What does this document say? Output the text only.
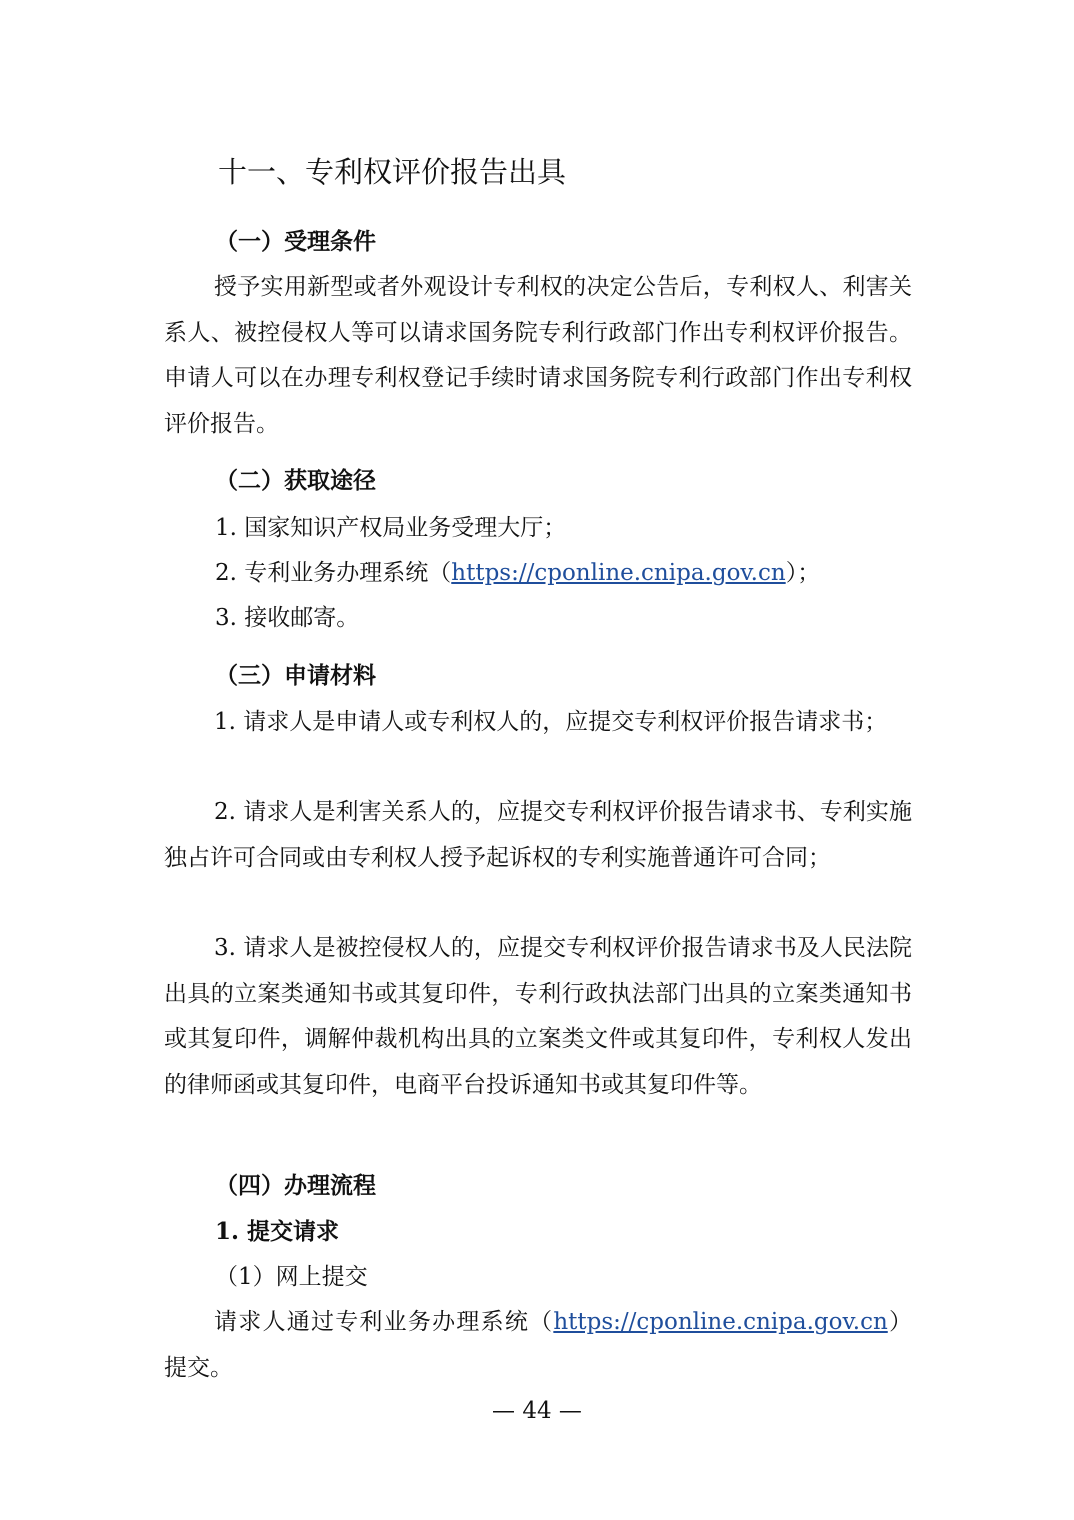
十一、专利权评价报告出具
（一）受理条件
授予实用新型或者外观设计专利权的决定公告后，专利权人、利害关系人、被控侵权人等可以请求国务院专利行政部门作出专利权评价报告。申请人可以在办理专利权登记手续时请求国务院专利行政部门作出专利权评价报告。
（二）获取途径
1. 国家知识产权局业务受理大厅；
2. 专利业务办理系统（https://cponline.cnipa.gov.cn）；
3. 接收邮寄。
（三）申请材料
1. 请求人是申请人或专利权人的，应提交专利权评价报告请求书；
2. 请求人是利害关系人的，应提交专利权评价报告请求书、专利实施独占许可合同或由专利权人授予起诉权的专利实施普通许可合同；
3. 请求人是被控侵权人的，应提交专利权评价报告请求书及人民法院出具的立案类通知书或其复印件，专利行政执法部门出具的立案类通知书或其复印件，调解仲裁机构出具的立案类文件或其复印件，专利权人发出的律师函或其复印件，电商平台投诉通知书或其复印件等。
（四）办理流程
1. 提交请求
（1）网上提交
请求人通过专利业务办理系统（https://cponline.cnipa.gov.cn）提交。
— 44 —
